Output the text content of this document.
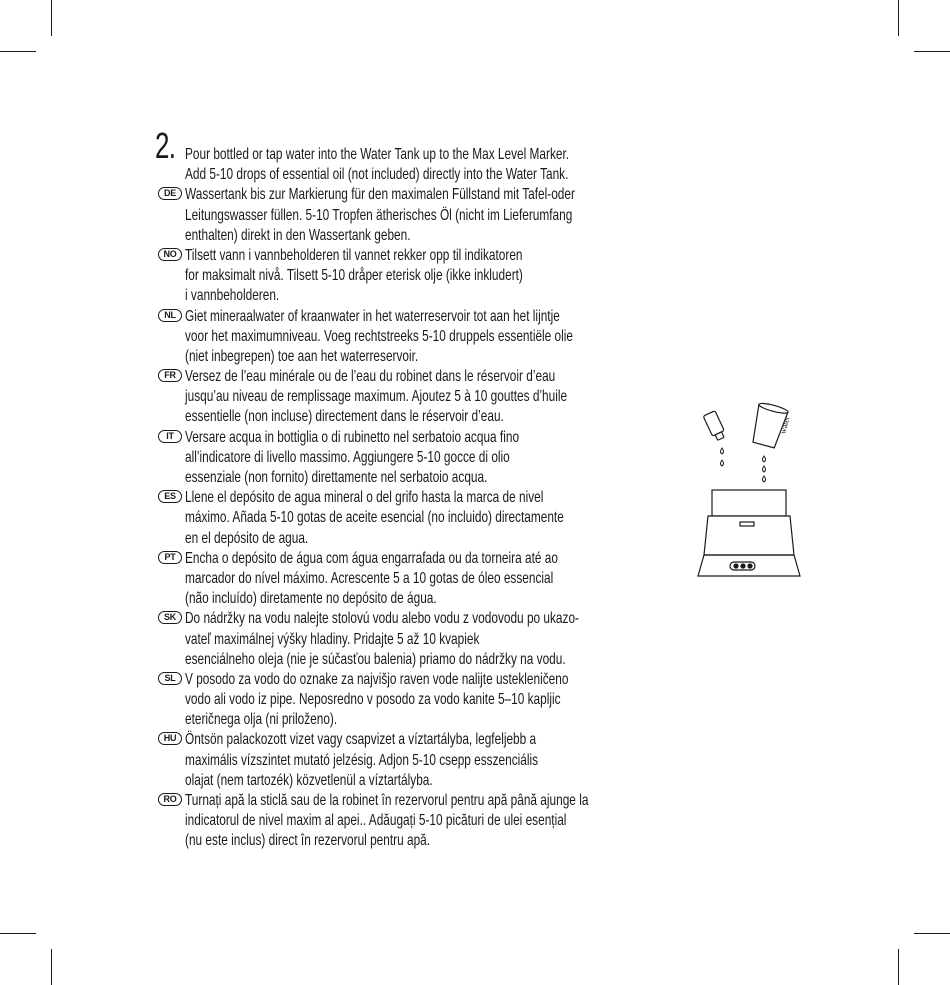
2. Pour bottled or tap water into the Water Tank up to the Max Level Marker.
Add 5-10 drops of essential oil (not included) directly into the Water Tank.
DE Wassertank bis zur Markierung für den maximalen Füllstand mit Tafel-oder
Leitungswasser füllen. 5-10 Tropfen ätherisches Öl (nicht im Lieferumfang
enthalten) direkt in den Wassertank geben.
NO Tilsett vann i vannbeholderen til vannet rekker opp til indikatoren
for maksimalt nivå. Tilsett 5-10 dråper eterisk olje (ikke inkludert)
i vannbeholderen.
NL Giet mineraalwater of kraanwater in het waterreservoir tot aan het lijntje
voor het maximumniveau. Voeg rechtstreeks 5-10 druppels essentiële olie
(niet inbegrepen) toe aan het waterreservoir.
FR Versez de l’eau minérale ou de l’eau du robinet dans le réservoir d’eau
jusqu’au niveau de remplissage maximum. Ajoutez 5 à 10 gouttes d’huile
essentielle (non incluse) directement dans le réservoir d’eau.
IT Versare acqua in bottiglia o di rubinetto nel serbatoio acqua fino
all’indicatore di livello massimo. Aggiungere 5-10 gocce di olio
essenziale (non fornito) direttamente nel serbatoio acqua.
ES Llene el depósito de agua mineral o del grifo hasta la marca de nivel
máximo. Añada 5-10 gotas de aceite esencial (no incluido) directamente
en el depósito de agua.
PT Encha o depósito de água com água engarrafada ou da torneira até ao
marcador do nível máximo. Acrescente 5 a 10 gotas de óleo essencial
(não incluído) diretamente no depósito de água.
SK Do nádržky na vodu nalejte stolovú vodu alebo vodu z vodovodu po ukazo-
vateľ maximálnej výšky hladiny. Pridajte 5 až 10 kvapiek
esenciálneho oleja (nie je súčasťou balenia) priamo do nádržky na vodu.
SL V posodo za vodo do oznake za najvišjo raven vode nalijte ustekleničeno
vodo ali vodo iz pipe. Neposredno v posodo za vodo kanite 5–10 kapljic
eteričnega olja (ni priloženo).
HU Öntsön palackozott vizet vagy csapvizet a víztartályba, legfeljebb a
maximális vízszintet mutató jelzésig. Adjon 5-10 csepp esszenciális
olajat (nem tartozék) közvetlenül a víztartályba.
RO Turnați apă la sticlă sau de la robinet în rezervorul pentru apă până ajunge la
indicatorul de nivel maxim al apei.. Adăugați 5-10 picături de ulei esențial
(nu este inclus) direct în rezervorul pentru apă.
water
